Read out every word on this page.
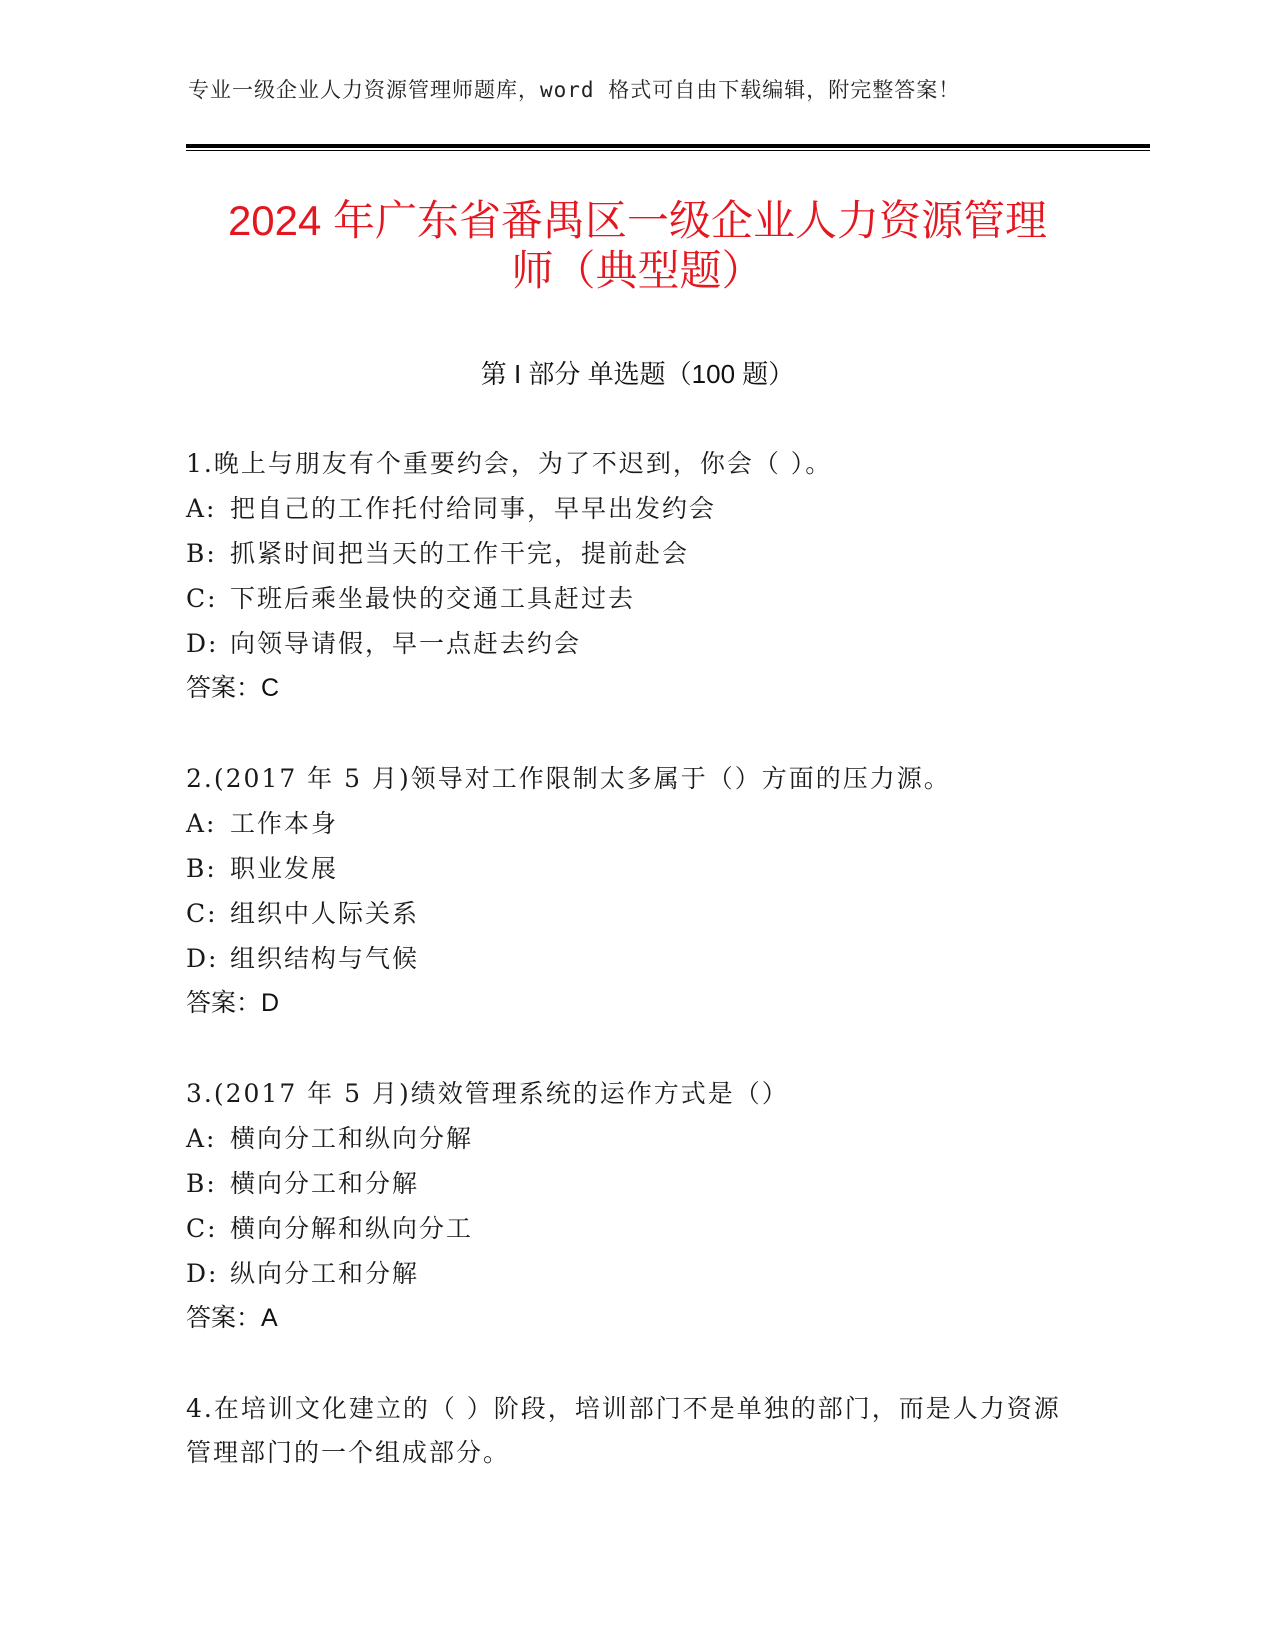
专业一级企业人力资源管理师题库，word 格式可自由下载编辑，附完整答案！
2024 年广东省番禺区一级企业人力资源管理
师（典型题）
第 I 部分 单选题（100 题）
1.晚上与朋友有个重要约会，为了不迟到，你会（ ）。
A: 把自己的工作托付给同事，早早出发约会
B: 抓紧时间把当天的工作干完，提前赴会
C: 下班后乘坐最快的交通工具赶过去
D: 向领导请假，早一点赶去约会
答案：C
2.(2017 年 5 月)领导对工作限制太多属于（）方面的压力源。
A: 工作本身
B: 职业发展
C: 组织中人际关系
D: 组织结构与气候
答案：D
3.(2017 年 5 月)绩效管理系统的运作方式是（）
A: 横向分工和纵向分解
B: 横向分工和分解
C: 横向分解和纵向分工
D: 纵向分工和分解
答案：A
4.在培训文化建立的（ ）阶段，培训部门不是单独的部门，而是人力资源管理部门的一个组成部分。
